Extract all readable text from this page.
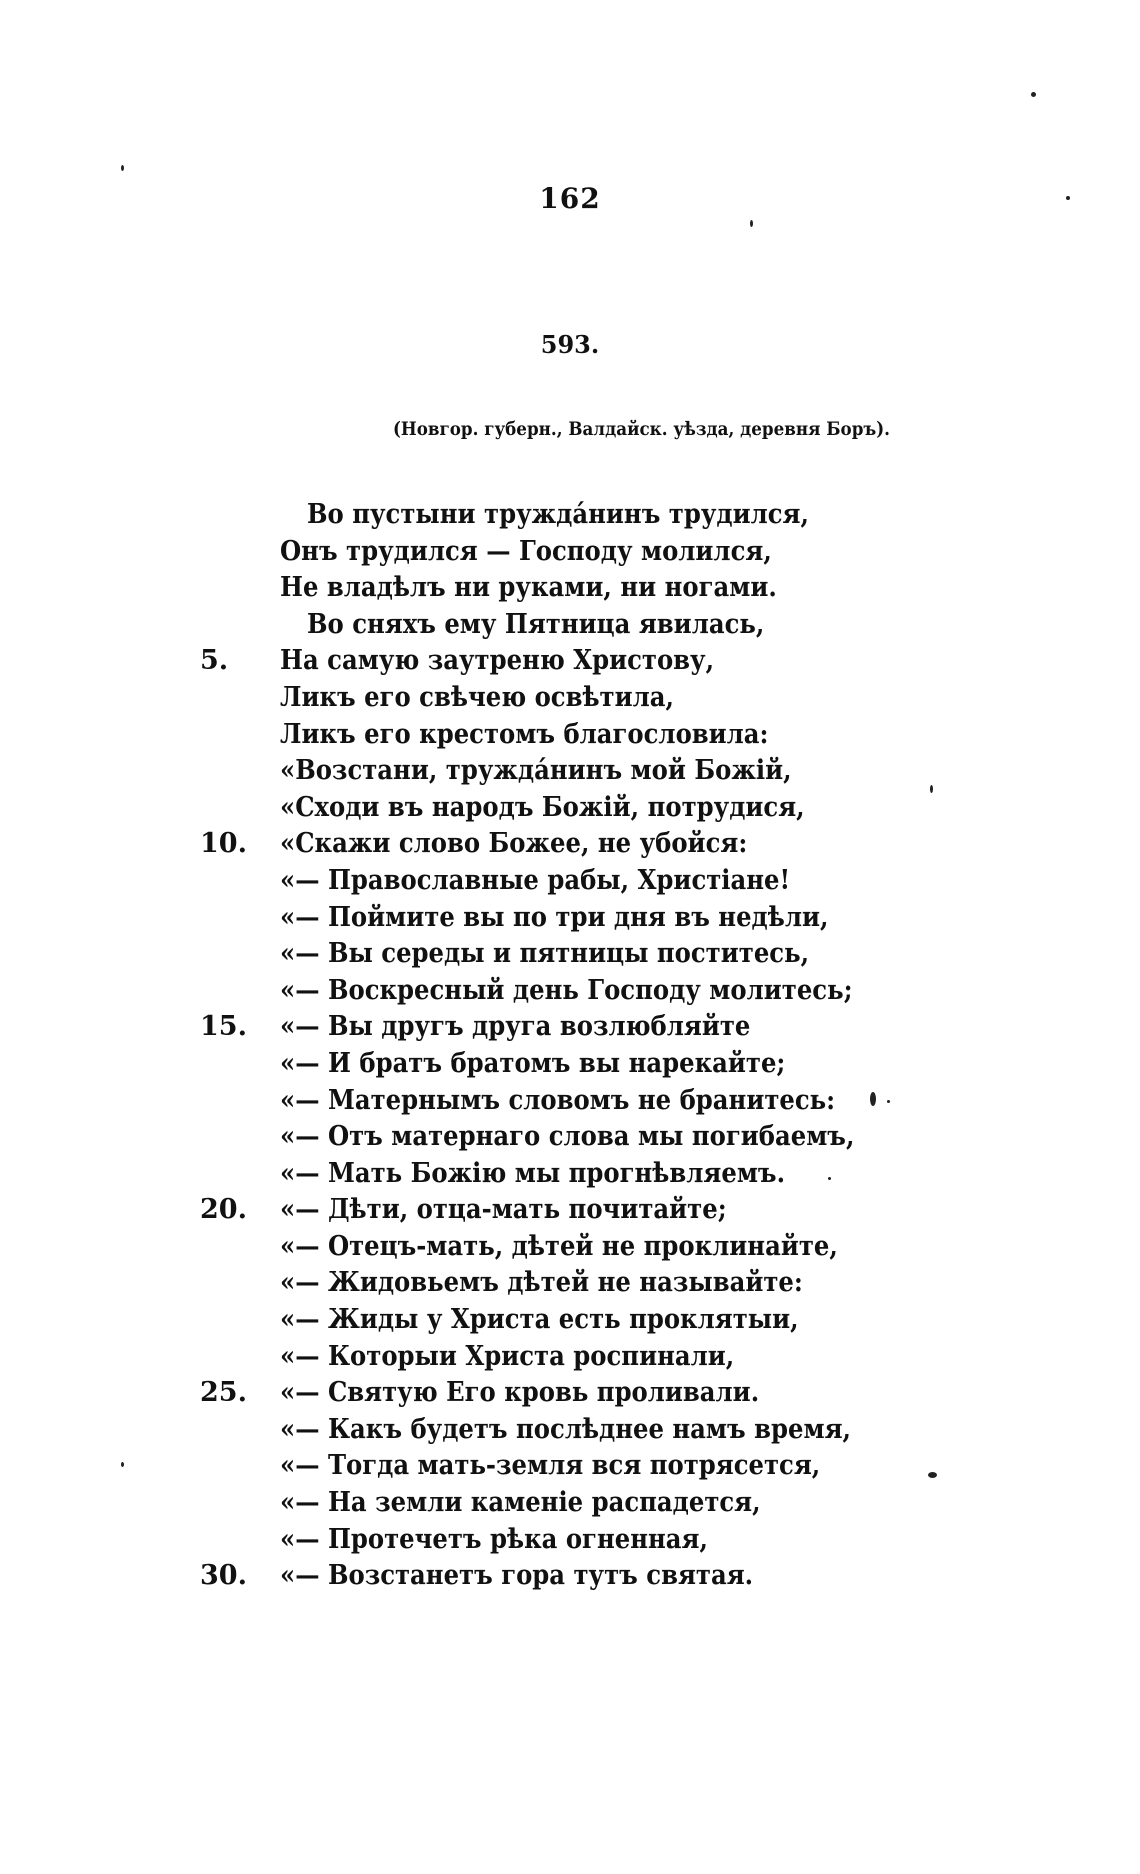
162
593.
(Новгор. губерн., Валдайск. уѣзда, деревня Боръ).
Во пустыни труждáнинъ трудился,
Онъ трудился — Господу молился,
Не владѣлъ ни руками, ни ногами.
Во сняхъ ему Пятница явилась,
5.	На самую заутреню Христову,
Ликъ его свѣчею освѣтила,
Ликъ его крестомъ благословила:
«Возстани, труждáнинъ мой Божій,
«Сходи въ народъ Божій, потрудися,
10.	«Скажи слово Божее, не убойся:
«— Православные рабы, Христіане!
«— Поймите вы по три дня въ недѣли,
«— Вы середы и пятницы поститесь,
«— Воскресный день Господу молитесь;
15.	«— Вы другъ друга возлюбляйте
«— И братъ братомъ вы нарекайте;
«— Матернымъ словомъ не бранитесь:
«— Отъ матернаго слова мы погибаемъ,
«— Мать Божію мы прогнѣвляемъ.
20.	«— Дѣти, отца-мать почитайте;
«— Отецъ-мать, дѣтей не проклинайте,
«— Жидовьемъ дѣтей не называйте:
«— Жиды у Христа есть проклятыи,
«— Которыи Христа роспинали,
25.	«— Святую Его кровь проливали.
«— Какъ будетъ послѣднее намъ время,
«— Тогда мать-земля вся потрясется,
«— На земли каменіе распадется,
«— Протечетъ рѣка огненная,
30.	«— Возстанетъ гора тутъ святая.
